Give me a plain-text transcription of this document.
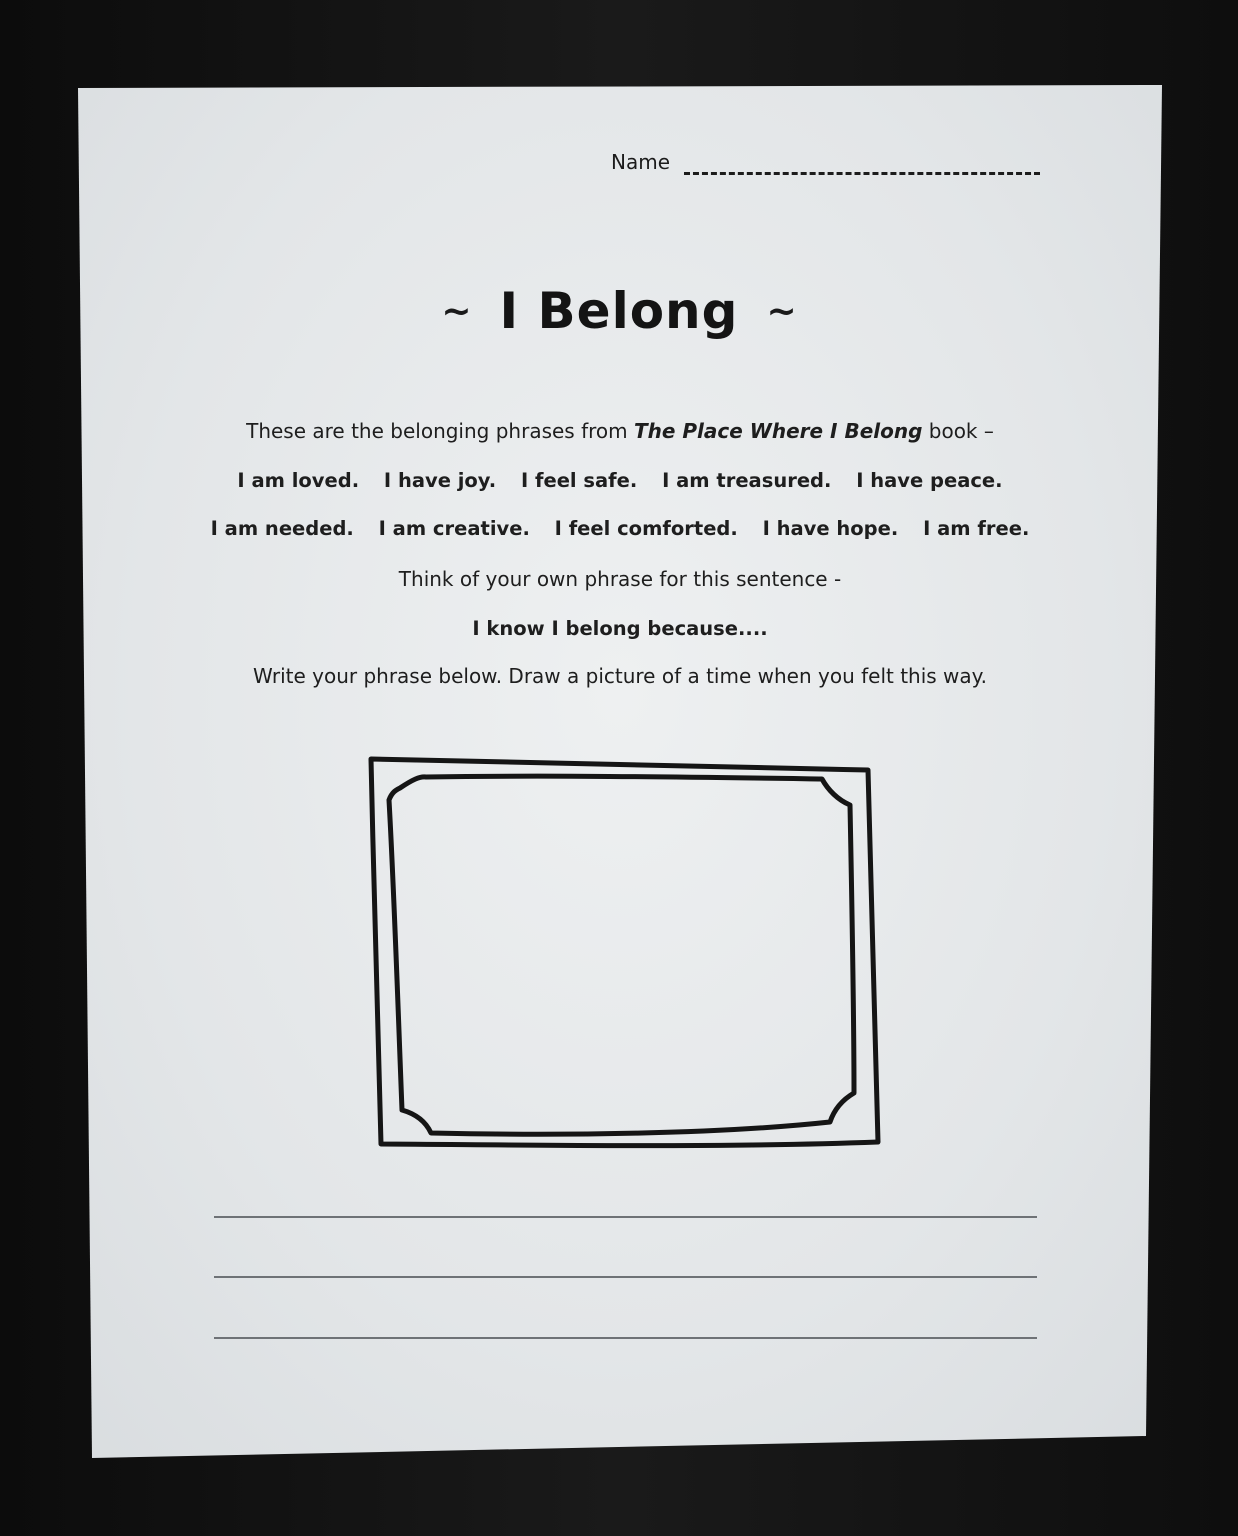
Name
~ I Belong ~
These are the belonging phrases from The Place Where I Belong book –
I am loved. I have joy. I feel safe. I am treasured. I have peace.
I am needed. I am creative. I feel comforted. I have hope. I am free.
Think of your own phrase for this sentence -
I know I belong because....
Write your phrase below. Draw a picture of a time when you felt this way.
